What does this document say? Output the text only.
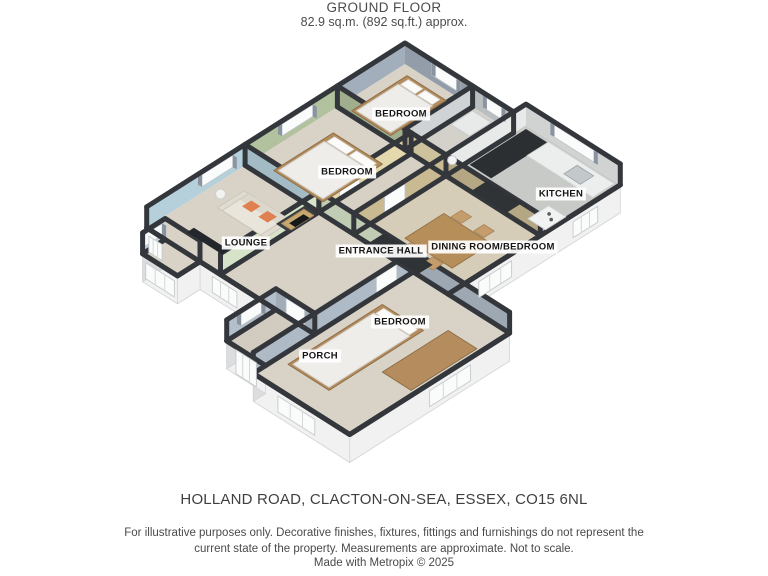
GROUND FLOOR
82.9 sq.m. (892 sq.ft.) approx.
BEDROOM
KITCHEN
BEDROOM
DINING ROOM/BEDROOM
LOUNGE
ENTRANCE HALL
BEDROOM
PORCH
HOLLAND ROAD, CLACTON-ON-SEA, ESSEX, CO15 6NL
For illustrative purposes only. Decorative finishes, fixtures, fittings and furnishings do not represent the current state of the property. Measurements are approximate. Not to scale.
Made with Metropix © 2025
